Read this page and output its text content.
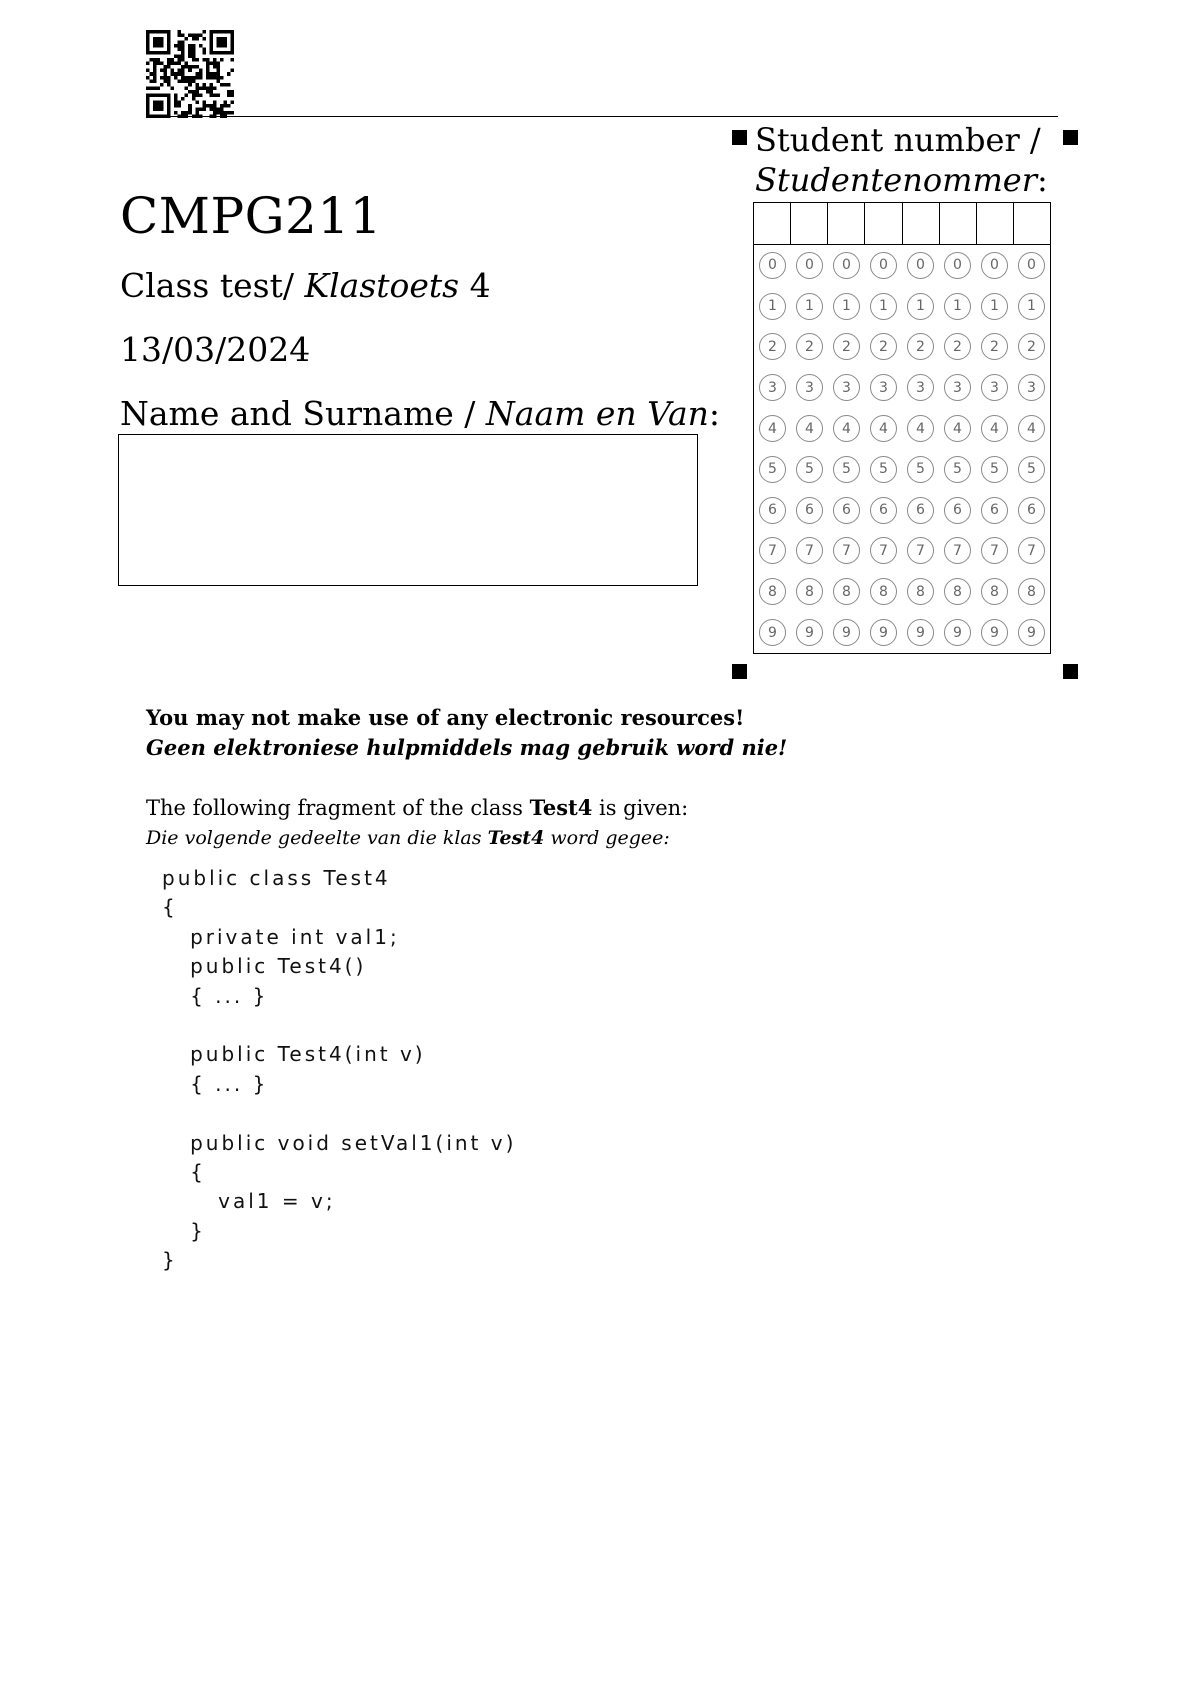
CMPG211
Class test/ Klastoets 4
13/03/2024
Name and Surname / Naam en Van:
Student number /
Studentenommer:
0	0	0	0	0	0	0	0
1	1	1	1	1	1	1	1
2	2	2	2	2	2	2	2
3	3	3	3	3	3	3	3
4	4	4	4	4	4	4	4
5	5	5	5	5	5	5	5
6	6	6	6	6	6	6	6
7	7	7	7	7	7	7	7
8	8	8	8	8	8	8	8
9	9	9	9	9	9	9	9
You may not make use of any electronic resources!
Geen elektroniese hulpmiddels mag gebruik word nie!
The following fragment of the class Test4 is given:
Die volgende gedeelte van die klas Test4 word gegee:
public class Test4
{
private int val1;
public Test4()
{ ... }
public Test4(int v)
{ ... }
public void setVal1(int v)
{
val1 = v;
}
}
